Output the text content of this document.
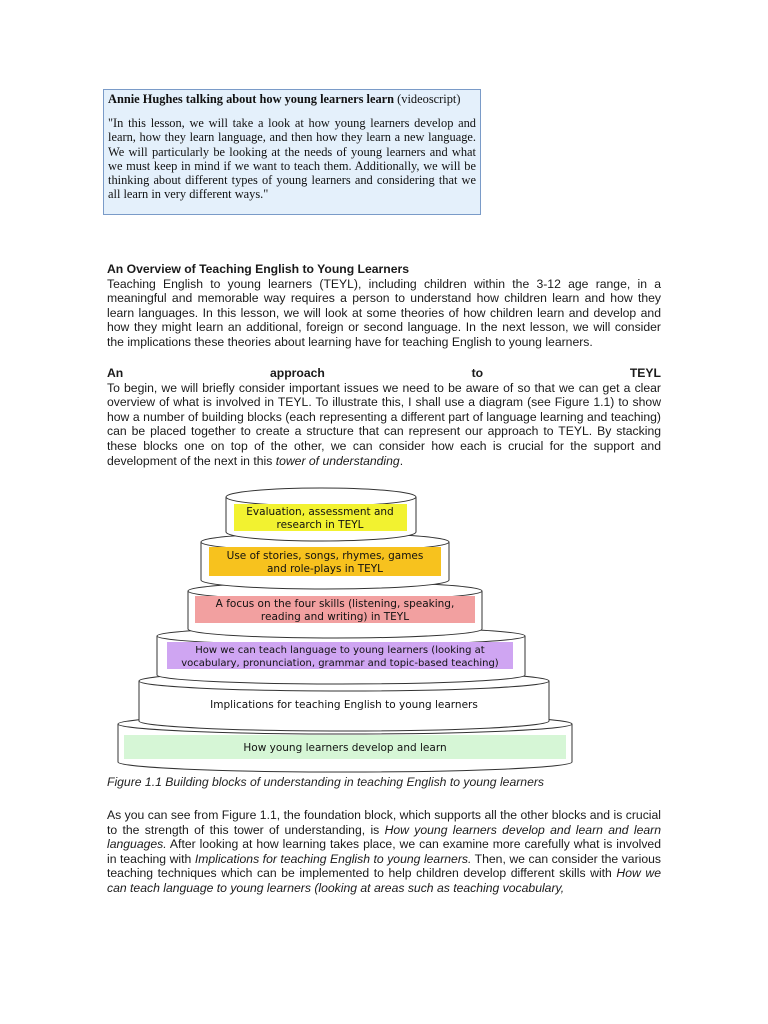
Annie Hughes talking about how young learners learn (videoscript)

"In this lesson, we will take a look at how young learners develop and learn, how they learn language, and then how they learn a new language. We will particularly be looking at the needs of young learners and what we must keep in mind if we want to teach them. Additionally, we will be thinking about different types of young learners and considering that we all learn in very different ways."

An Overview of Teaching English to Young Learners

Teaching English to young learners (TEYL), including children within the 3-12 age range, in a meaningful and memorable way requires a person to understand how children learn and how they learn languages. In this lesson, we will look at some theories of how children learn and develop and how they might learn an additional, foreign or second language. In the next lesson, we will consider the implications these theories about learning have for teaching English to young learners.

An	approach	to	TEYL

To begin, we will briefly consider important issues we need to be aware of so that we can get a clear overview of what is involved in TEYL. To illustrate this, I shall use a diagram (see Figure 1.1) to show how a number of building blocks (each representing a different part of language learning and teaching) can be placed together to create a structure that can represent our approach to TEYL. By stacking these blocks one on top of the other, we can consider how each is crucial for the support and development of the next in this tower of understanding.

How young learners develop and learn
Implications for teaching English to young learners
How we can teach language to young learners (looking at
vocabulary, pronunciation, grammar and topic-based teaching)
A focus on the four skills (listening, speaking,
reading and writing) in TEYL
Use of stories, songs, rhymes, games
and role-plays in TEYL
Evaluation, assessment and
research in TEYL
Figure 1.1 Building blocks of understanding in teaching English to young learners

As you can see from Figure 1.1, the foundation block, which supports all the other blocks and is crucial to the strength of this tower of understanding, is How young learners develop and learn and learn languages. After looking at how learning takes place, we can examine more carefully what is involved in teaching with Implications for teaching English to young learners. Then, we can consider the various teaching techniques which can be implemented to help children develop different skills with How we can teach language to young learners (looking at areas such as teaching vocabulary,
